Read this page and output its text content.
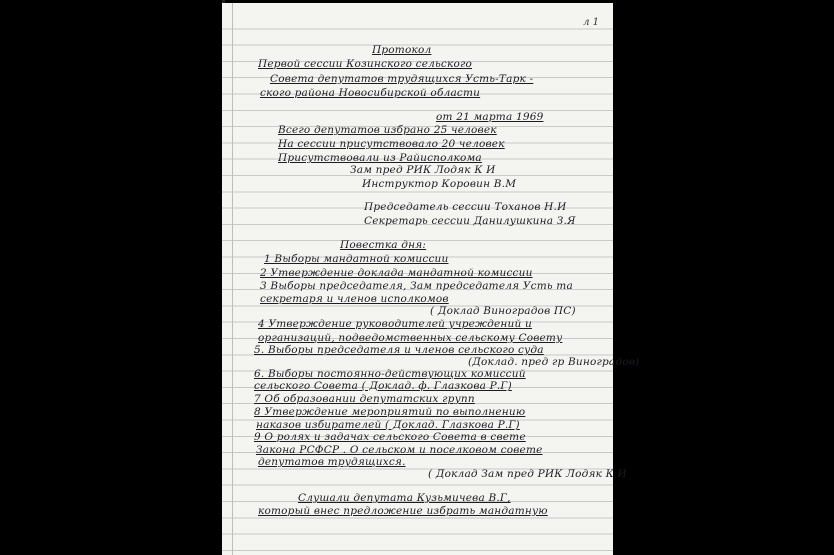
л 1
Протокол
Первой сессии Козинского сельского
Совета депутатов трудящихся Усть-Тарк -
ского района Новосибирской области
от 21 марта 1969
Всего депутатов избрано 25 человек
На сессии присутствовало 20 человек
Присутствовали из Райисполкома
Зам пред РИК Лодяк К И
Инструктор Коровин В.М
Председатель сессии Тоханов Н.И
Секретарь сессии Данилушкина З.Я
Повестка дня:
1 Выборы мандатной комиссии
2 Утверждение доклада мандатной комиссии
3 Выборы председателя, Зам председателя Усть та
секретаря и членов исполкомов
( Доклад Виноградов ПС)
4 Утверждение руководителей учреждений и
организаций, подведомственных сельскому Совету
5. Выборы председателя и членов сельского суда
(Доклад. пред гр Виноградов)
6. Выборы постоянно-действующих комиссий
сельского Совета ( Доклад. ф. Глазкова Р.Г)
7 Об образовании депутатских групп
8 Утверждение мероприятий по выполнению
наказов избирателей ( Доклад. Глазкова Р.Г)
9 О ролях и задачах сельского Совета в свете
Закона РСФСР . О сельском и поселковом совете
депутатов трудящихся.
( Доклад Зам пред РИК Лодяк К И
Слушали депутата Кузьмичева В.Г,
который внес предложение избрать мандатную
